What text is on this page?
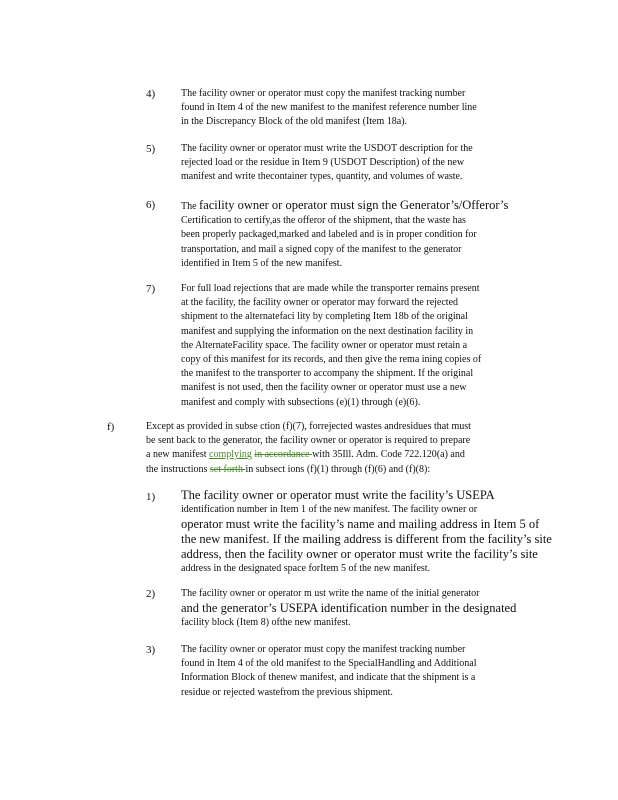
4)	The facility owner or operator must copy the manifest tracking number
found in Item 4 of the new manifest to the manifest reference number line
in the Discrepancy Block of the old manifest (Item 18a).
5)	The facility owner or operator must write the USDOT description for the
rejected load or the residue in Item 9 (USDOT Description) of the new
manifest and write thecontainer types, quantity, and volumes of waste.
6)	The facility owner or operator must sign the Generator’s/Offeror’s
Certification to certify,as the offeror of the shipment, that the waste has
been properly packaged,marked and labeled and is in proper condition for
transportation, and mail a signed copy of the manifest to the generator
identified in Item 5 of the new manifest.
7)	For full load rejections that are made while the transporter remains present
at the facility, the facility owner or operator may forward the rejected
shipment to the alternatefaci lity by completing Item 18b of the original
manifest and supplying the information on the next destination facility in
the AlternateFacility space. The facility owner or operator must retain a
copy of this manifest for its records, and then give the rema ining copies of
the manifest to the transporter to accompany the shipment. If the original
manifest is not used, then the facility owner or operator must use a new
manifest and comply with subsections (e)(1) through (e)(6).
f)	Except as provided in subse ction (f)(7), forrejected wastes andresidues that must
be sent back to the generator, the facility owner or operator is required to prepare
a new manifest complying in accordance with 35Ill. Adm. Code 722.120(a) and
the instructions set forth in subsect ions (f)(1) through (f)(6) and (f)(8):
1) The facility owner or operator must write the facility’s USEPA
identification number in Item 1 of the new manifest. The facility owner or
operator must write the facility’s name and mailing address in Item 5 of
the new manifest. If the mailing address is different from the facility’s site
address, then the facility owner or operator must write the facility’s site
address in the designated space forItem 5 of the new manifest.
2)	The facility owner or operator m ust write the name of the initial generator
and the generator’s USEPA identification number in the designated
facility block (Item 8) ofthe new manifest.
3)	The facility owner or operator must copy the manifest tracking number
found in Item 4 of the old manifest to the SpecialHandling and Additional
Information Block of thenew manifest, and indicate that the shipment is a
residue or rejected wastefrom the previous shipment.
